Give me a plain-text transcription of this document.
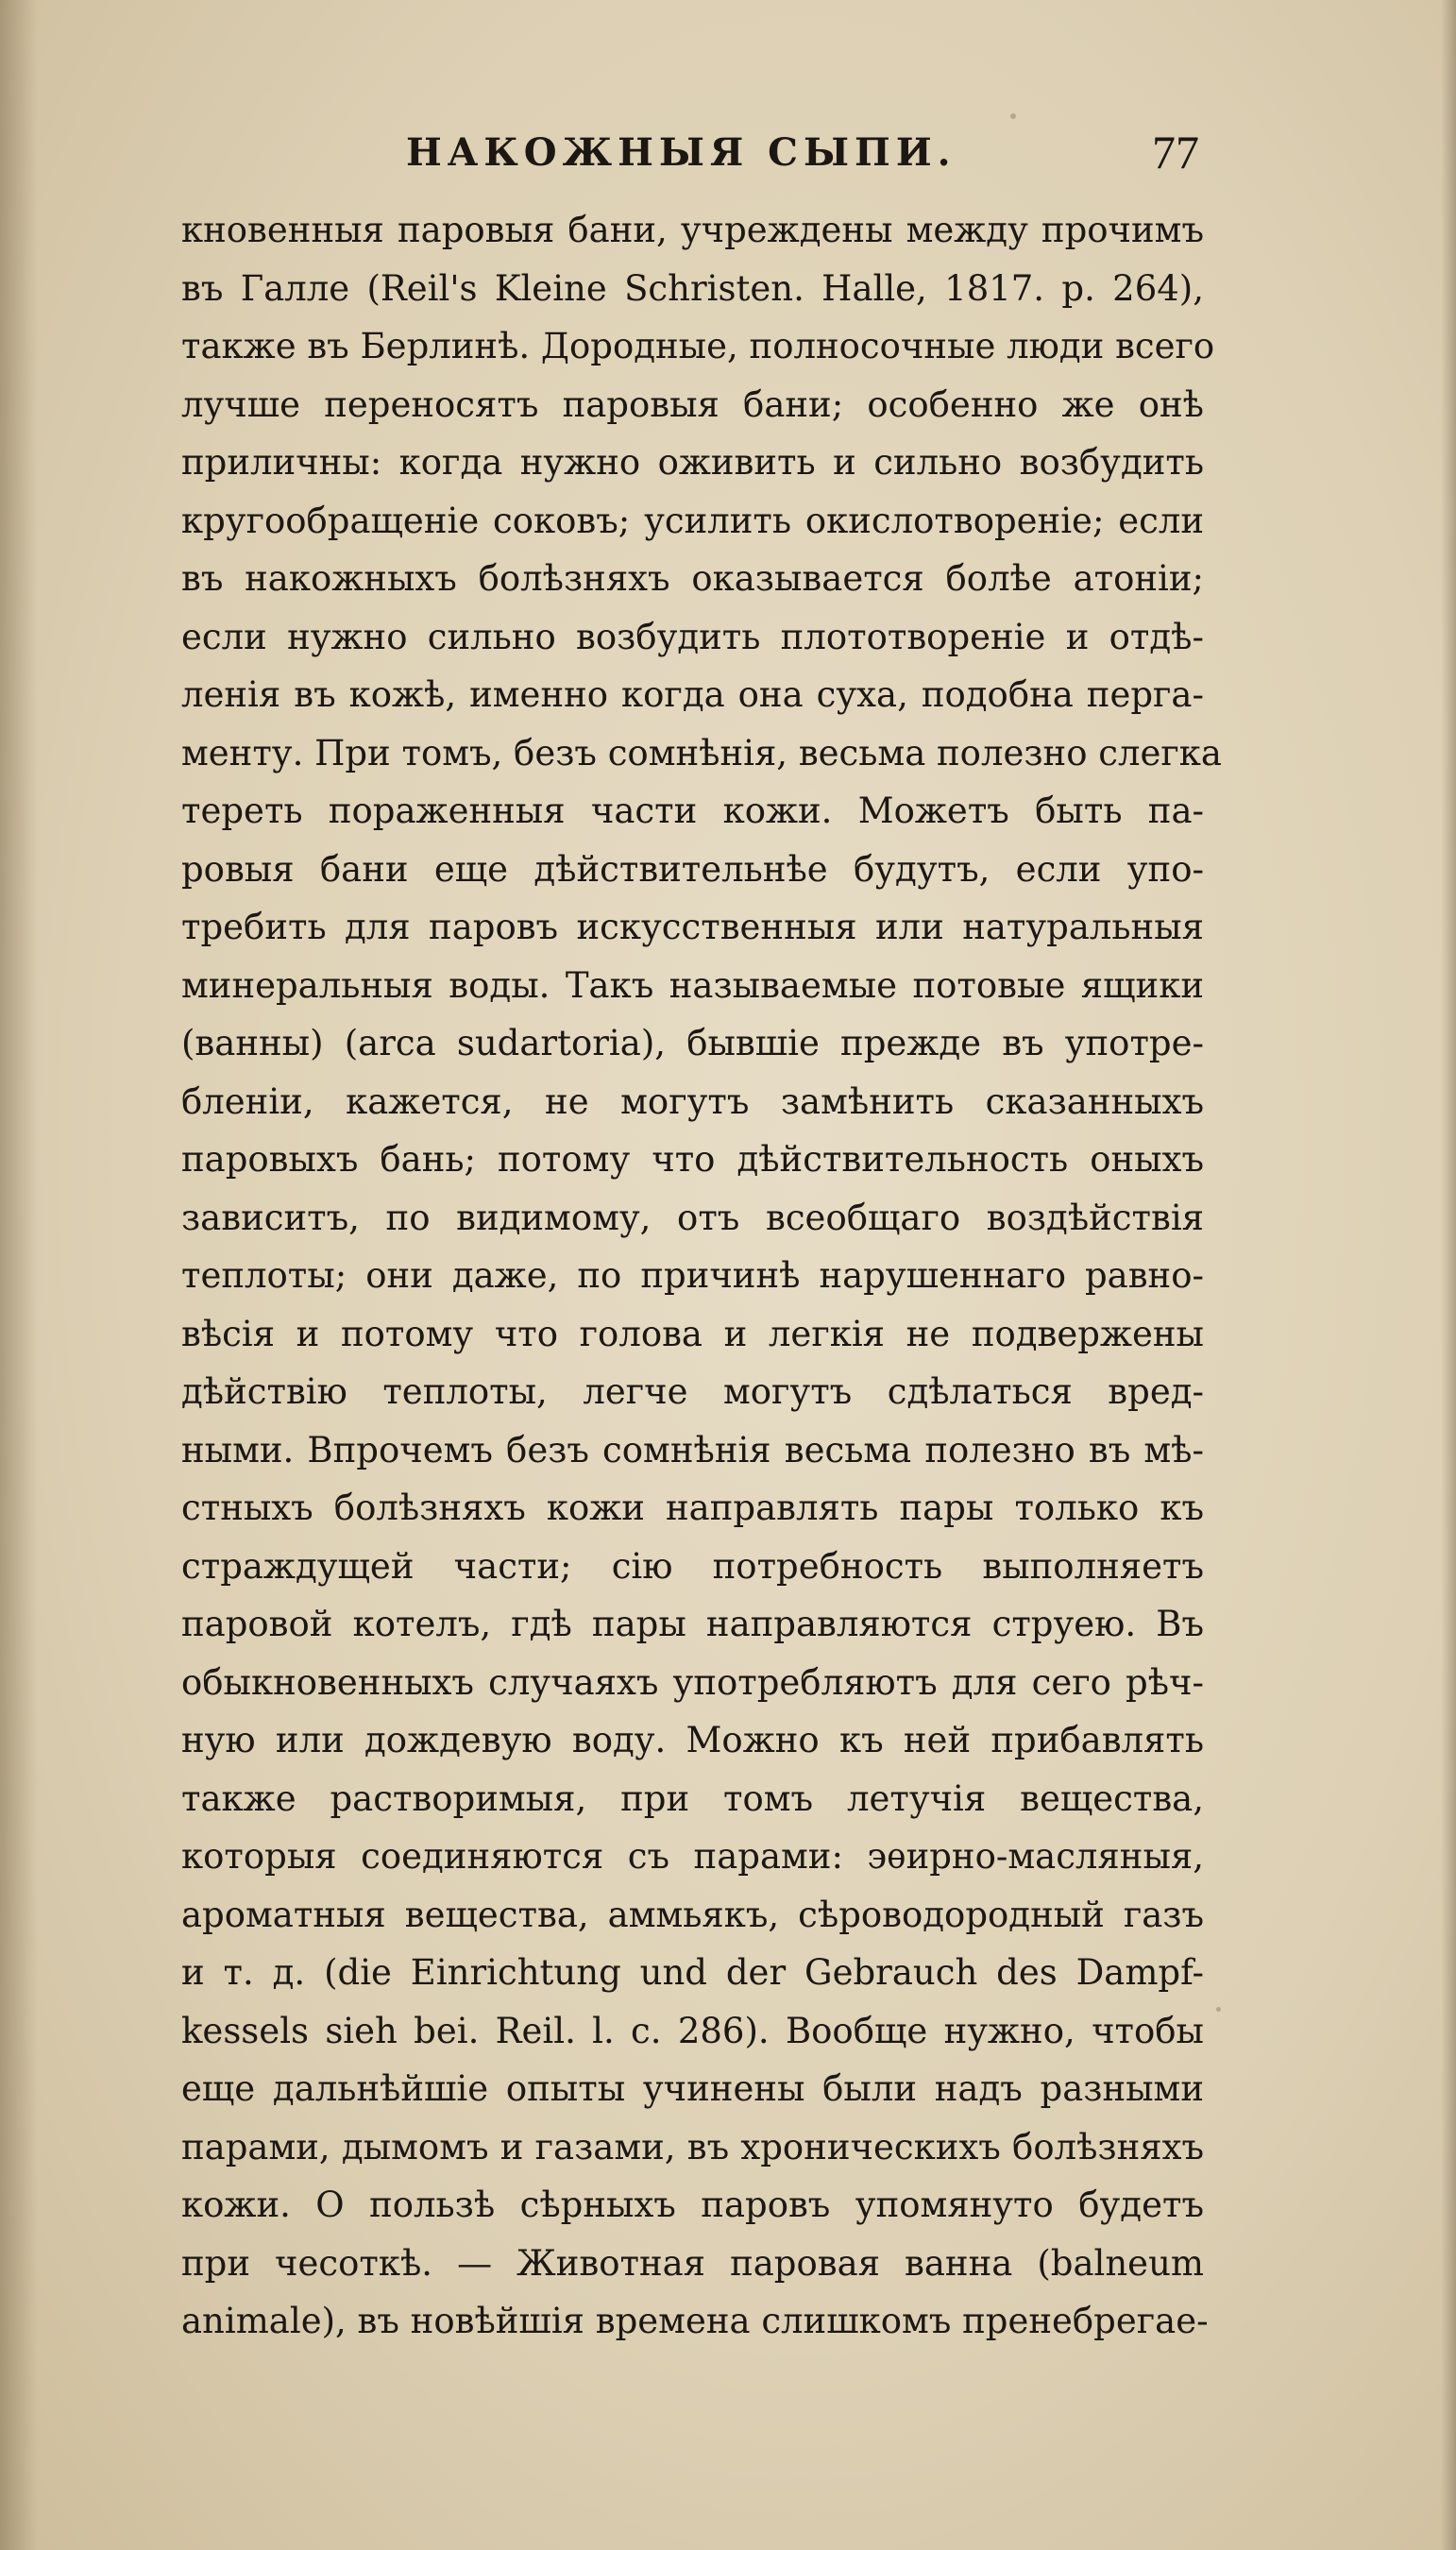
НАКОЖНЫЯ СЫПИ.	77
кновенныя паровыя бани, учреждены между прочимъ
въ Галле (Reil's Kleine Schristen. Halle, 1817. p. 264),
также въ Берлинѣ. Дородные, полносочные люди всего
лучше переносятъ паровыя бани; особенно же онѣ
приличны: когда нужно оживить и сильно возбудить
кругообращеніе соковъ; усилить окислотвореніе; если
въ накожныхъ болѣзняхъ оказывается болѣе атоніи;
если нужно сильно возбудить плототвореніе и отдѣ-
ленія въ кожѣ, именно когда она суха, подобна перга-
менту. При томъ, безъ сомнѣнія, весьма полезно слегка
тереть пораженныя части кожи. Можетъ быть па-
ровыя бани еще дѣйствительнѣе будутъ, если упо-
требить для паровъ искусственныя или натуральныя
минеральныя воды. Такъ называемые потовые ящики
(ванны) (arca sudartoria), бывшіе прежде въ употре-
бленіи, кажется, не могутъ замѣнить сказанныхъ
паровыхъ бань; потому что дѣйствительность оныхъ
зависитъ, по видимому, отъ всеобщаго воздѣйствія
теплоты; они даже, по причинѣ нарушеннаго равно-
вѣсія и потому что голова и легкія не подвержены
дѣйствію теплоты, легче могутъ сдѣлаться вред-
ными. Впрочемъ безъ сомнѣнія весьма полезно въ мѣ-
стныхъ болѣзняхъ кожи направлять пары только къ
страждущей части; сію потребность выполняетъ
паровой котелъ, гдѣ пары направляются струею. Въ
обыкновенныхъ случаяхъ употребляютъ для сего рѣч-
ную или дождевую воду. Можно къ ней прибавлять
также растворимыя, при томъ летучія вещества,
которыя соединяются съ парами: эѳирно-масляныя,
ароматныя вещества, аммьякъ, сѣроводородный газъ
и т. д. (die Einrichtung und der Gebrauch des Dampf-
kessels sieh bei. Reil. l. c. 286). Вообще нужно, чтобы
еще дальнѣйшіе опыты учинены были надъ разными
парами, дымомъ и газами, въ хроническихъ болѣзняхъ
кожи. О пользѣ сѣрныхъ паровъ упомянуто будетъ
при чесоткѣ. — Животная паровая ванна (balneum
animale), въ новѣйшія времена слишкомъ пренебрегае-
